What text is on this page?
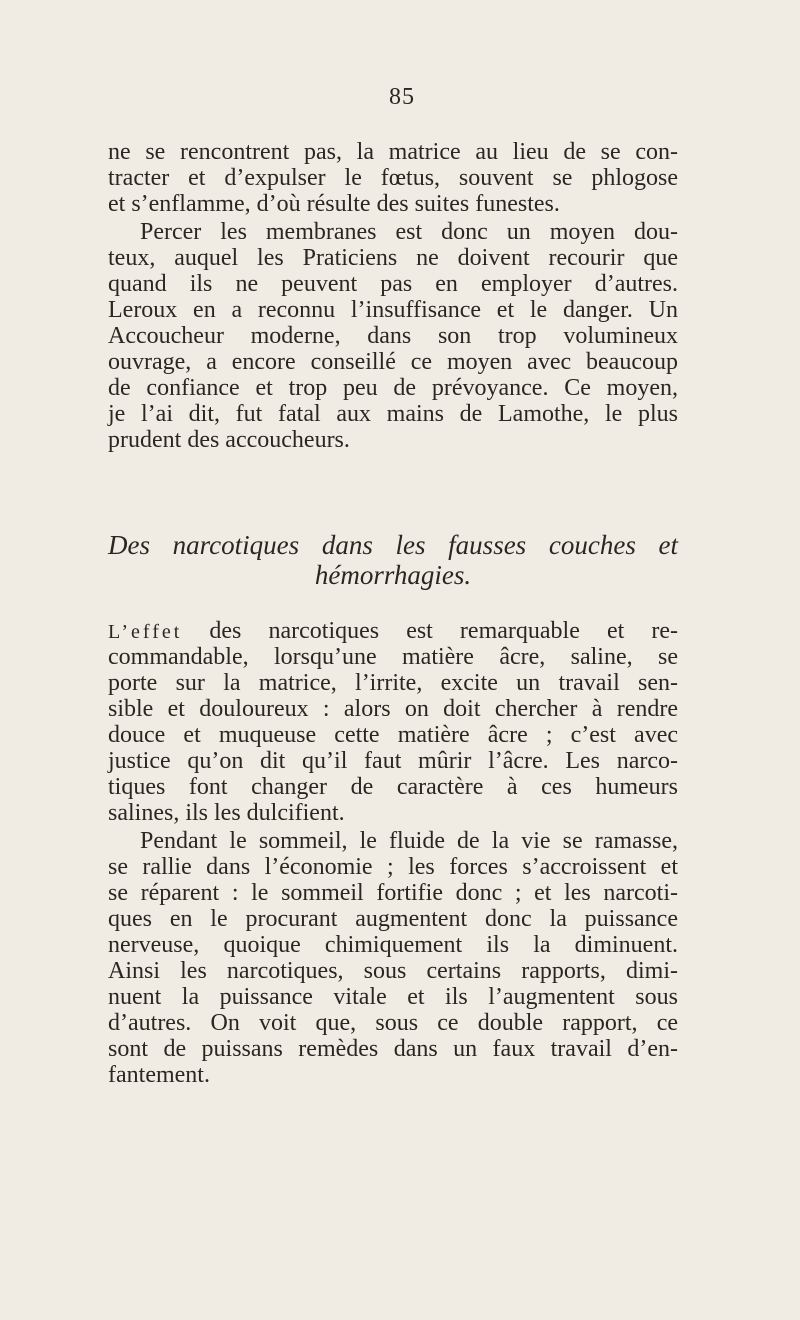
85
ne se rencontrent pas, la matrice au lieu de se con-
tracter et d’expulser le fœtus, souvent se phlogose
et s’enflamme, d’où résulte des suites funestes.
Percer les membranes est donc un moyen dou-
teux, auquel les Praticiens ne doivent recourir que
quand ils ne peuvent pas en employer d’autres.
Leroux en a reconnu l’insuffisance et le danger. Un
Accoucheur moderne, dans son trop volumineux
ouvrage, a encore conseillé ce moyen avec beaucoup
de confiance et trop peu de prévoyance. Ce moyen,
je l’ai dit, fut fatal aux mains de Lamothe, le plus
prudent des accoucheurs.
Des narcotiques dans les fausses couches et
hémorrhagies.
L’effet des narcotiques est remarquable et re-
commandable, lorsqu’une matière âcre, saline, se
porte sur la matrice, l’irrite, excite un travail sen-
sible et douloureux : alors on doit chercher à rendre
douce et muqueuse cette matière âcre ; c’est avec
justice qu’on dit qu’il faut mûrir l’âcre. Les narco-
tiques font changer de caractère à ces humeurs
salines, ils les dulcifient.
Pendant le sommeil, le fluide de la vie se ramasse,
se rallie dans l’économie ; les forces s’accroissent et
se réparent : le sommeil fortifie donc ; et les narcoti-
ques en le procurant augmentent donc la puissance
nerveuse, quoique chimiquement ils la diminuent.
Ainsi les narcotiques, sous certains rapports, dimi-
nuent la puissance vitale et ils l’augmentent sous
d’autres. On voit que, sous ce double rapport, ce
sont de puissans remèdes dans un faux travail d’en-
fantement.
